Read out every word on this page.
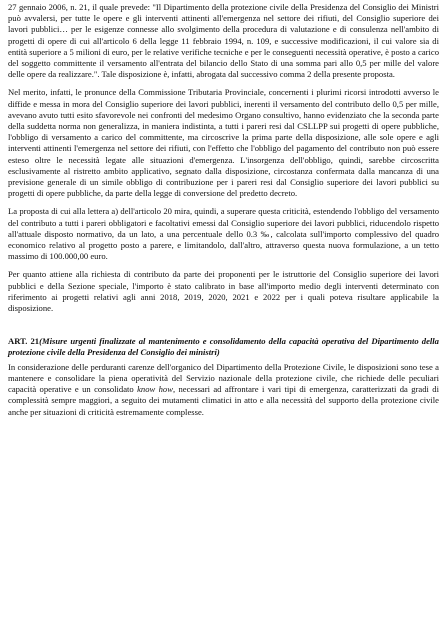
27 gennaio 2006, n. 21, il quale prevede: "Il Dipartimento della protezione civile della Presidenza del Consiglio dei Ministri può avvalersi, per tutte le opere e gli interventi attinenti all'emergenza nel settore dei rifiuti, del Consiglio superiore dei lavori pubblici… per le esigenze connesse allo svolgimento della procedura di valutazione e di consulenza nell'ambito di progetti di opere di cui all'articolo 6 della legge 11 febbraio 1994, n. 109, e successive modificazioni, il cui valore sia di entità superiore a 5 milioni di euro, per le relative verifiche tecniche e per le conseguenti necessità operative, è posto a carico del soggetto committente il versamento all'entrata del bilancio dello Stato di una somma pari allo 0,5 per mille del valore delle opere da realizzare.". Tale disposizione è, infatti, abrogata dal successivo comma 2 della presente proposta.

Nel merito, infatti, le pronunce della Commissione Tributaria Provinciale, concernenti i plurimi ricorsi introdotti avverso le diffide e messa in mora del Consiglio superiore dei lavori pubblici, inerenti il versamento del contributo dello 0,5 per mille, avevano avuto tutti esito sfavorevole nei confronti del medesimo Organo consultivo, hanno evidenziato che la seconda parte della suddetta norma non generalizza, in maniera indistinta, a tutti i pareri resi dal CSLLPP sui progetti di opere pubbliche, l'obbligo di versamento a carico del committente, ma circoscrive la prima parte della disposizione, alle sole opere e agli interventi attinenti l'emergenza nel settore dei rifiuti, con l'effetto che l'obbligo del pagamento del contributo non può essere esteso oltre le necessità legate alle situazioni d'emergenza. L'insorgenza dell'obbligo, quindi, sarebbe circoscritta esclusivamente al ristretto ambito applicativo, segnato dalla disposizione, circostanza confermata dalla mancanza di una previsione generale di un simile obbligo di contribuzione per i pareri resi dal Consiglio superiore dei lavori pubblici su progetti di opere pubbliche, da parte della legge di conversione del predetto decreto.

La proposta di cui alla lettera a) dell'articolo 20 mira, quindi, a superare questa criticità, estendendo l'obbligo del versamento del contributo a tutti i pareri obbligatori e facoltativi emessi dal Consiglio superiore dei lavori pubblici, riducendolo rispetto all'attuale disposto normativo, da un lato, a una percentuale dello 0.3 ‰, calcolata sull'importo complessivo del quadro economico relativo al progetto posto a parere, e limitandolo, dall'altro, attraverso questa nuova formulazione, a un tetto massimo di 100.000,00 euro.

Per quanto attiene alla richiesta di contributo da parte dei proponenti per le istruttorie del Consiglio superiore dei lavori pubblici e della Sezione speciale, l'importo è stato calibrato in base all'importo medio degli interventi determinato con riferimento ai progetti relativi agli anni 2018, 2019, 2020, 2021 e 2022 per i quali poteva risultare applicabile la disposizione.

ART. 21(Misure urgenti finalizzate al mantenimento e consolidamento della capacità operativa del Dipartimento della protezione civile della Presidenza del Consiglio dei ministri)

In considerazione delle perduranti carenze dell'organico del Dipartimento della Protezione Civile, le disposizioni sono tese a mantenere e consolidare la piena operatività del Servizio nazionale della protezione civile, che richiede delle peculiari capacità operative e un consolidato know how, necessari ad affrontare i vari tipi di emergenza, caratterizzati da gradi di complessità sempre maggiori, a seguito dei mutamenti climatici in atto e alla necessità del supporto della protezione civile anche per situazioni di criticità estremamente complesse.
